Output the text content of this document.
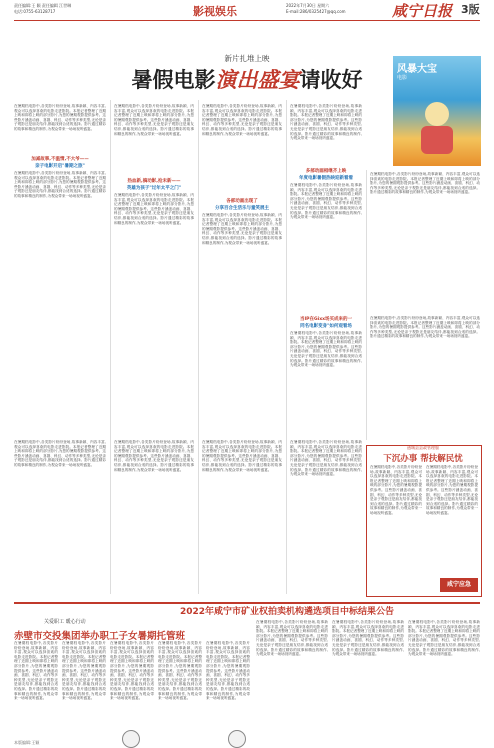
责任编辑:王 颖 责任编辑 江世琳
电话:0755-63128717	影视娱乐	2022年7月30日 星期六
E-mail:286/0325427@qq.com	咸宁日报 3版
新片扎堆上映
暑假电影演出盛宴请收好
在暑期档电影中,各类影片纷纷登场,故事新颖、内容丰富,观众可以选择喜欢的电影走进影院。本报记者整理了近期上映和即将上映的部分影片,为您的暑期观影提供参考。这些影片涵盖动画、喜剧、科幻、动作等多种类型,无论是亲子观影还是朋友结伴,都能找到合适的选择。影片通过精彩的故事和精良的制作,为观众带来一场场视听盛宴。
加减故事,不温情,不大爷——
亲子电影开启"暑期之旅"
在暑期档电影中,各类影片纷纷登场,故事新颖、内容丰富,观众可以选择喜欢的电影走进影院。本报记者整理了近期上映和即将上映的部分影片,为您的暑期观影提供参考。这些影片涵盖动画、喜剧、科幻、动作等多种类型,无论是亲子观影还是朋友结伴,都能找到合适的选择。影片通过精彩的故事和精良的制作,为观众带来一场场视听盛宴。
在暑期档电影中,各类影片纷纷登场,故事新颖、内容丰富,观众可以选择喜欢的电影走进影院。本报记者整理了近期上映和即将上映的部分影片,为您的暑期观影提供参考。这些影片涵盖动画、喜剧、科幻、动作等多种类型,无论是亲子观影还是朋友结伴,都能找到合适的选择。影片通过精彩的故事和精良的制作,为观众带来一场场视听盛宴。
热血新,搞动影,抢未新——
英雄为孩子"过年太平之门"
在暑期档电影中,各类影片纷纷登场,故事新颖、内容丰富,观众可以选择喜欢的电影走进影院。本报记者整理了近期上映和即将上映的部分影片,为您的暑期观影提供参考。这些影片涵盖动画、喜剧、科幻、动作等多种类型,无论是亲子观影还是朋友结伴,都能找到合适的选择。影片通过精彩的故事和精良的制作,为观众带来一场场视听盛宴。
在暑期档电影中,各类影片纷纷登场,故事新颖、内容丰富,观众可以选择喜欢的电影走进影院。本报记者整理了近期上映和即将上映的部分影片,为您的暑期观影提供参考。这些影片涵盖动画、喜剧、科幻、动作等多种类型,无论是亲子观影还是朋友结伴,都能找到合适的选择。影片通过精彩的故事和精良的制作,为观众带来一场场视听盛宴。
各部动画出现了
分享百合生活乐与童笑展主
在暑期档电影中,各类影片纷纷登场,故事新颖、内容丰富,观众可以选择喜欢的电影走进影院。本报记者整理了近期上映和即将上映的部分影片,为您的暑期观影提供参考。这些影片涵盖动画、喜剧、科幻、动作等多种类型,无论是亲子观影还是朋友结伴,都能找到合适的选择。影片通过精彩的故事和精良的制作,为观众带来一场场视听盛宴。
在暑期档电影中,各类影片纷纷登场,故事新颖、内容丰富,观众可以选择喜欢的电影走进影院。本报记者整理了近期上映和即将上映的部分影片,为您的暑期观影提供参考。这些影片涵盖动画、喜剧、科幻、动作等多种类型,无论是亲子观影还是朋友结伴,都能找到合适的选择。影片通过精彩的故事和精良的制作,为观众带来一场场视听盛宴。
多部动画相继齐上映
年度电影暑假热映迎新看看
在暑期档电影中,各类影片纷纷登场,故事新颖、内容丰富,观众可以选择喜欢的电影走进影院。本报记者整理了近期上映和即将上映的部分影片,为您的暑期观影提供参考。这些影片涵盖动画、喜剧、科幻、动作等多种类型,无论是亲子观影还是朋友结伴,都能找到合适的选择。影片通过精彩的故事和精良的制作,为观众带来一场场视听盛宴。
当IP在Gixx场买成来的一
同名电影变身"如何观看场
在暑期档电影中,各类影片纷纷登场,故事新颖、内容丰富,观众可以选择喜欢的电影走进影院。本报记者整理了近期上映和即将上映的部分影片,为您的暑期观影提供参考。这些影片涵盖动画、喜剧、科幻、动作等多种类型,无论是亲子观影还是朋友结伴,都能找到合适的选择。影片通过精彩的故事和精良的制作,为观众带来一场场视听盛宴。
风暴大宝
电影
在暑期档电影中,各类影片纷纷登场,故事新颖、内容丰富,观众可以选择喜欢的电影走进影院。本报记者整理了近期上映和即将上映的部分影片,为您的暑期观影提供参考。这些影片涵盖动画、喜剧、科幻、动作等多种类型,无论是亲子观影还是朋友结伴,都能找到合适的选择。影片通过精彩的故事和精良的制作,为观众带来一场场视听盛宴。
在暑期档电影中,各类影片纷纷登场,故事新颖、内容丰富,观众可以选择喜欢的电影走进影院。本报记者整理了近期上映和即将上映的部分影片,为您的暑期观影提供参考。这些影片涵盖动画、喜剧、科幻、动作等多种类型,无论是亲子观影还是朋友结伴,都能找到合适的选择。影片通过精彩的故事和精良的制作,为观众带来一场场视听盛宴。
通城县县政管理服
下沉办事 帮扶解民忧
在暑期档电影中,各类影片纷纷登场,故事新颖、内容丰富,观众可以选择喜欢的电影走进影院。本报记者整理了近期上映和即将上映的部分影片,为您的暑期观影提供参考。这些影片涵盖动画、喜剧、科幻、动作等多种类型,无论是亲子观影还是朋友结伴,都能找到合适的选择。影片通过精彩的故事和精良的制作,为观众带来一场场视听盛宴。
在暑期档电影中,各类影片纷纷登场,故事新颖、内容丰富,观众可以选择喜欢的电影走进影院。本报记者整理了近期上映和即将上映的部分影片,为您的暑期观影提供参考。这些影片涵盖动画、喜剧、科幻、动作等多种类型,无论是亲子观影还是朋友结伴,都能找到合适的选择。影片通过精彩的故事和精良的制作,为观众带来一场场视听盛宴。
咸宁应急
在暑期档电影中,各类影片纷纷登场,故事新颖、内容丰富,观众可以选择喜欢的电影走进影院。本报记者整理了近期上映和即将上映的部分影片,为您的暑期观影提供参考。这些影片涵盖动画、喜剧、科幻、动作等多种类型,无论是亲子观影还是朋友结伴,都能找到合适的选择。影片通过精彩的故事和精良的制作,为观众带来一场场视听盛宴。
在暑期档电影中,各类影片纷纷登场,故事新颖、内容丰富,观众可以选择喜欢的电影走进影院。本报记者整理了近期上映和即将上映的部分影片,为您的暑期观影提供参考。这些影片涵盖动画、喜剧、科幻、动作等多种类型,无论是亲子观影还是朋友结伴,都能找到合适的选择。影片通过精彩的故事和精良的制作,为观众带来一场场视听盛宴。
在暑期档电影中,各类影片纷纷登场,故事新颖、内容丰富,观众可以选择喜欢的电影走进影院。本报记者整理了近期上映和即将上映的部分影片,为您的暑期观影提供参考。这些影片涵盖动画、喜剧、科幻、动作等多种类型,无论是亲子观影还是朋友结伴,都能找到合适的选择。影片通过精彩的故事和精良的制作,为观众带来一场场视听盛宴。
在暑期档电影中,各类影片纷纷登场,故事新颖、内容丰富,观众可以选择喜欢的电影走进影院。本报记者整理了近期上映和即将上映的部分影片,为您的暑期观影提供参考。这些影片涵盖动画、喜剧、科幻、动作等多种类型,无论是亲子观影还是朋友结伴,都能找到合适的选择。影片通过精彩的故事和精良的制作,为观众带来一场场视听盛宴。
2022年咸宁市矿业权拍卖机构遴选项目中标结果公告
关爱职工 暖心行动
赤壁市交投集团举办职工子女暑期托管班
在暑期档电影中,各类影片纷纷登场,故事新颖、内容丰富,观众可以选择喜欢的电影走进影院。本报记者整理了近期上映和即将上映的部分影片,为您的暑期观影提供参考。这些影片涵盖动画、喜剧、科幻、动作等多种类型,无论是亲子观影还是朋友结伴,都能找到合适的选择。影片通过精彩的故事和精良的制作,为观众带来一场场视听盛宴。
在暑期档电影中,各类影片纷纷登场,故事新颖、内容丰富,观众可以选择喜欢的电影走进影院。本报记者整理了近期上映和即将上映的部分影片,为您的暑期观影提供参考。这些影片涵盖动画、喜剧、科幻、动作等多种类型,无论是亲子观影还是朋友结伴,都能找到合适的选择。影片通过精彩的故事和精良的制作,为观众带来一场场视听盛宴。
在暑期档电影中,各类影片纷纷登场,故事新颖、内容丰富,观众可以选择喜欢的电影走进影院。本报记者整理了近期上映和即将上映的部分影片,为您的暑期观影提供参考。这些影片涵盖动画、喜剧、科幻、动作等多种类型,无论是亲子观影还是朋友结伴,都能找到合适的选择。影片通过精彩的故事和精良的制作,为观众带来一场场视听盛宴。
在暑期档电影中,各类影片纷纷登场,故事新颖、内容丰富,观众可以选择喜欢的电影走进影院。本报记者整理了近期上映和即将上映的部分影片,为您的暑期观影提供参考。这些影片涵盖动画、喜剧、科幻、动作等多种类型,无论是亲子观影还是朋友结伴,都能找到合适的选择。影片通过精彩的故事和精良的制作,为观众带来一场场视听盛宴。
在暑期档电影中,各类影片纷纷登场,故事新颖、内容丰富,观众可以选择喜欢的电影走进影院。本报记者整理了近期上映和即将上映的部分影片,为您的暑期观影提供参考。这些影片涵盖动画、喜剧、科幻、动作等多种类型,无论是亲子观影还是朋友结伴,都能找到合适的选择。影片通过精彩的故事和精良的制作,为观众带来一场场视听盛宴。
在暑期档电影中,各类影片纷纷登场,故事新颖、内容丰富,观众可以选择喜欢的电影走进影院。本报记者整理了近期上映和即将上映的部分影片,为您的暑期观影提供参考。这些影片涵盖动画、喜剧、科幻、动作等多种类型,无论是亲子观影还是朋友结伴,都能找到合适的选择。影片通过精彩的故事和精良的制作,为观众带来一场场视听盛宴。
在暑期档电影中,各类影片纷纷登场,故事新颖、内容丰富,观众可以选择喜欢的电影走进影院。本报记者整理了近期上映和即将上映的部分影片,为您的暑期观影提供参考。这些影片涵盖动画、喜剧、科幻、动作等多种类型,无论是亲子观影还是朋友结伴,都能找到合适的选择。影片通过精彩的故事和精良的制作,为观众带来一场场视听盛宴。
在暑期档电影中,各类影片纷纷登场,故事新颖、内容丰富,观众可以选择喜欢的电影走进影院。本报记者整理了近期上映和即将上映的部分影片,为您的暑期观影提供参考。这些影片涵盖动画、喜剧、科幻、动作等多种类型,无论是亲子观影还是朋友结伴,都能找到合适的选择。影片通过精彩的故事和精良的制作,为观众带来一场场视听盛宴。
本版编辑:王颖
